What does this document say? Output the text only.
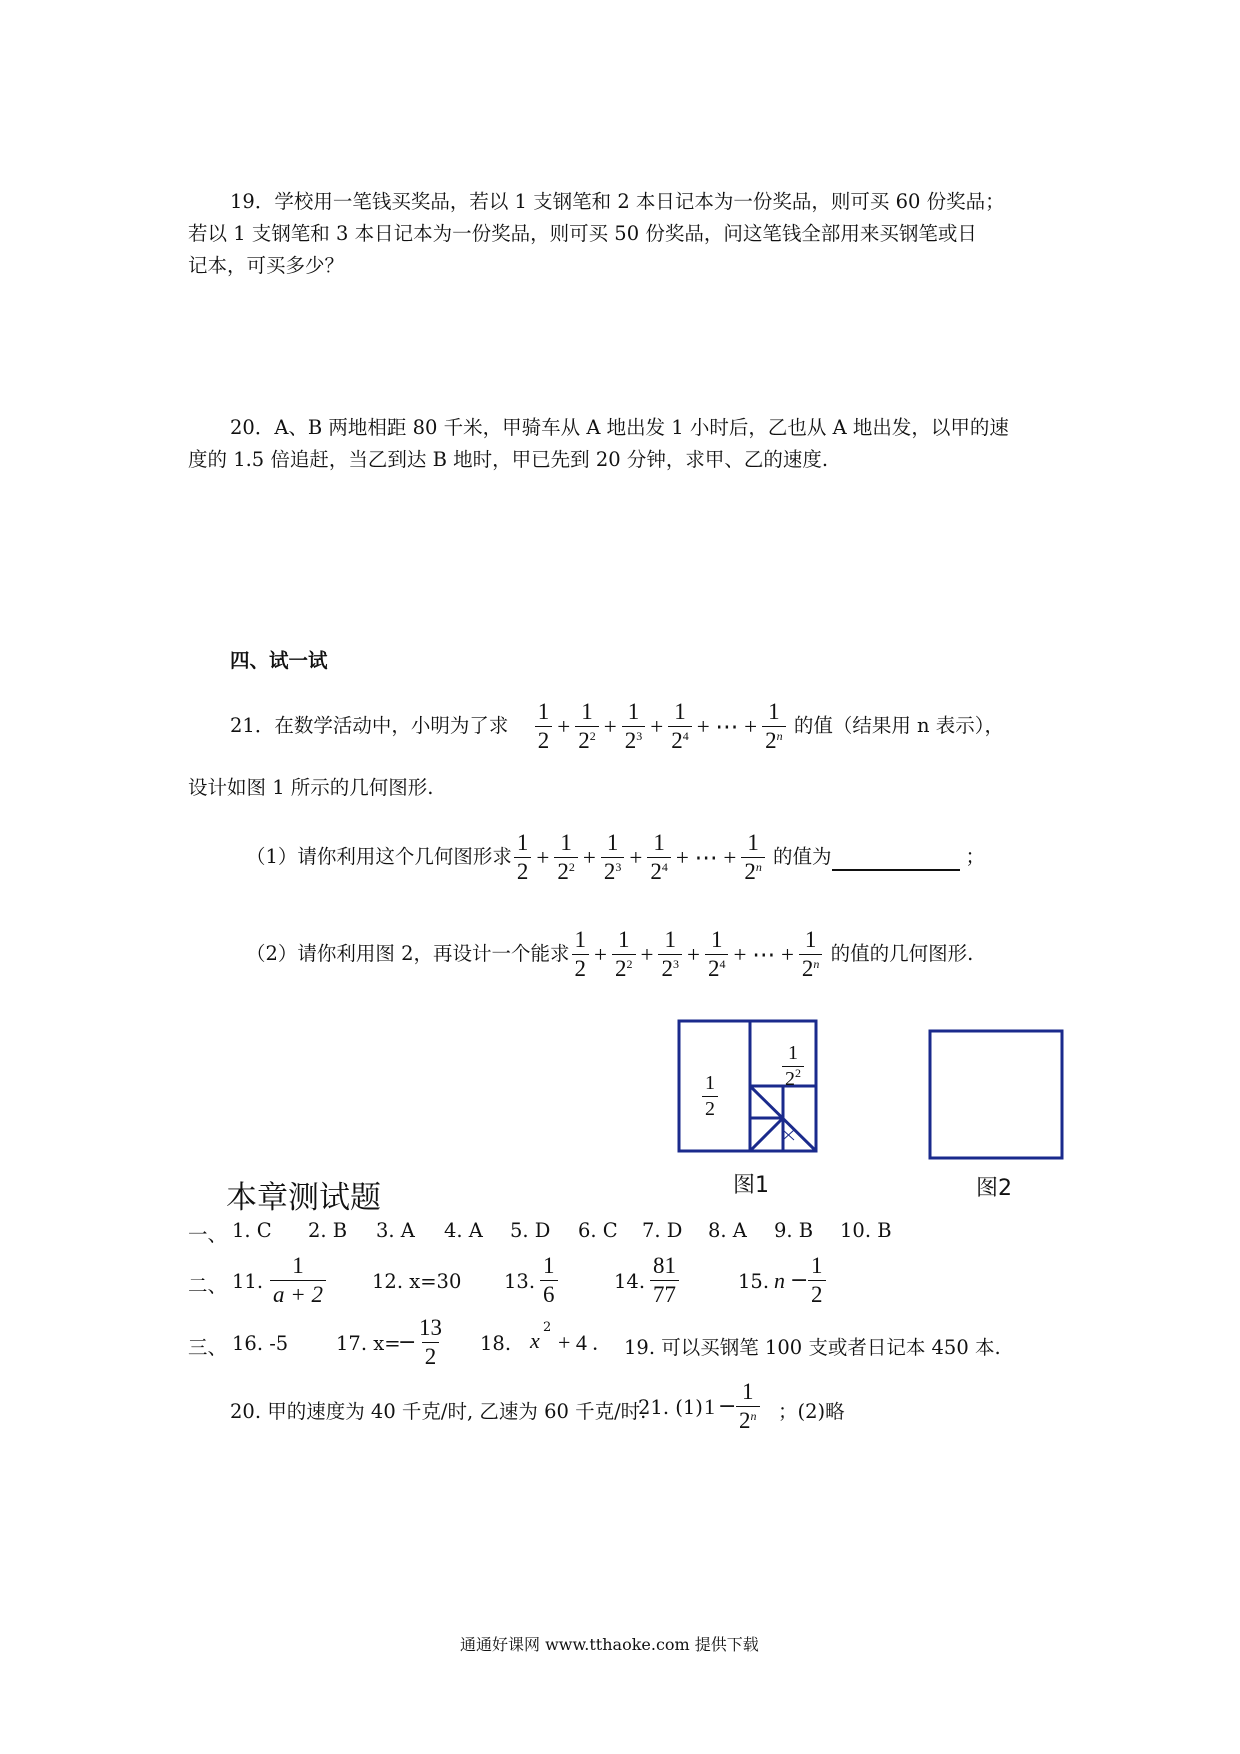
19．学校用一笔钱买奖品，若以 1 支钢笔和 2 本日记本为一份奖品，则可买 60 份奖品；
若以 1 支钢笔和 3 本日记本为一份奖品，则可买 50 份奖品，问这笔钱全部用来买钢笔或日
记本，可买多少？
20．A、B 两地相距 80 千米，甲骑车从 A 地出发 1 小时后，乙也从 A 地出发，以甲的速
度的 1.5 倍追赶，当乙到达 B 地时，甲已先到 20 分钟，求甲、乙的速度.
四、试一试
21．在数学活动中，小明为了求 $\frac{1}{2} + \frac{1}{2^2} + \frac{1}{2^3} + \frac{1}{2^4}$ + ⋯ + $\frac{1}{2^n}$ 的值（结果用 n 表示），
设计如图 1 所示的几何图形.
（1）请你利用这个几何图形求 $\frac{1}{2} + \frac{1}{2^2} + \frac{1}{2^3} + \frac{1}{2^4}$ + ⋯ + $\frac{1}{2^n}$ 的值为	；
（2）请你利用图 2，再设计一个能求 $\frac{1}{2} + \frac{1}{2^2} + \frac{1}{2^3} + \frac{1}{2^4}$ + ⋯ + $\frac{1}{2^n}$ 的值的几何图形.
$\frac{1}{2}$
$\frac{1}{2^2}$
图1	图2
本章测试题
一、 1. C 2. B 3. A 4. A 5. D 6. C 7. D 8. A 9. B 10. B
二、 11. $\frac{1}{a + 2} 12$. x=30 13. $\frac{1}{6}$	14. $\frac{81}{77}$	15. $n - \frac{1}{2}$
三、 16. -5 17. x=
− $\frac{13}{2} 18$. x
2
+ 4 . 19. 可以买钢笔 100 支或者日记本 450 本.
20. 甲的速度为 40 千克/时, 乙速为 60 千克/时.
21. (1) $1 - \frac{1}{2^n}$ ；(2)略
通通好课网 www.tthaoke.com 提供下载
